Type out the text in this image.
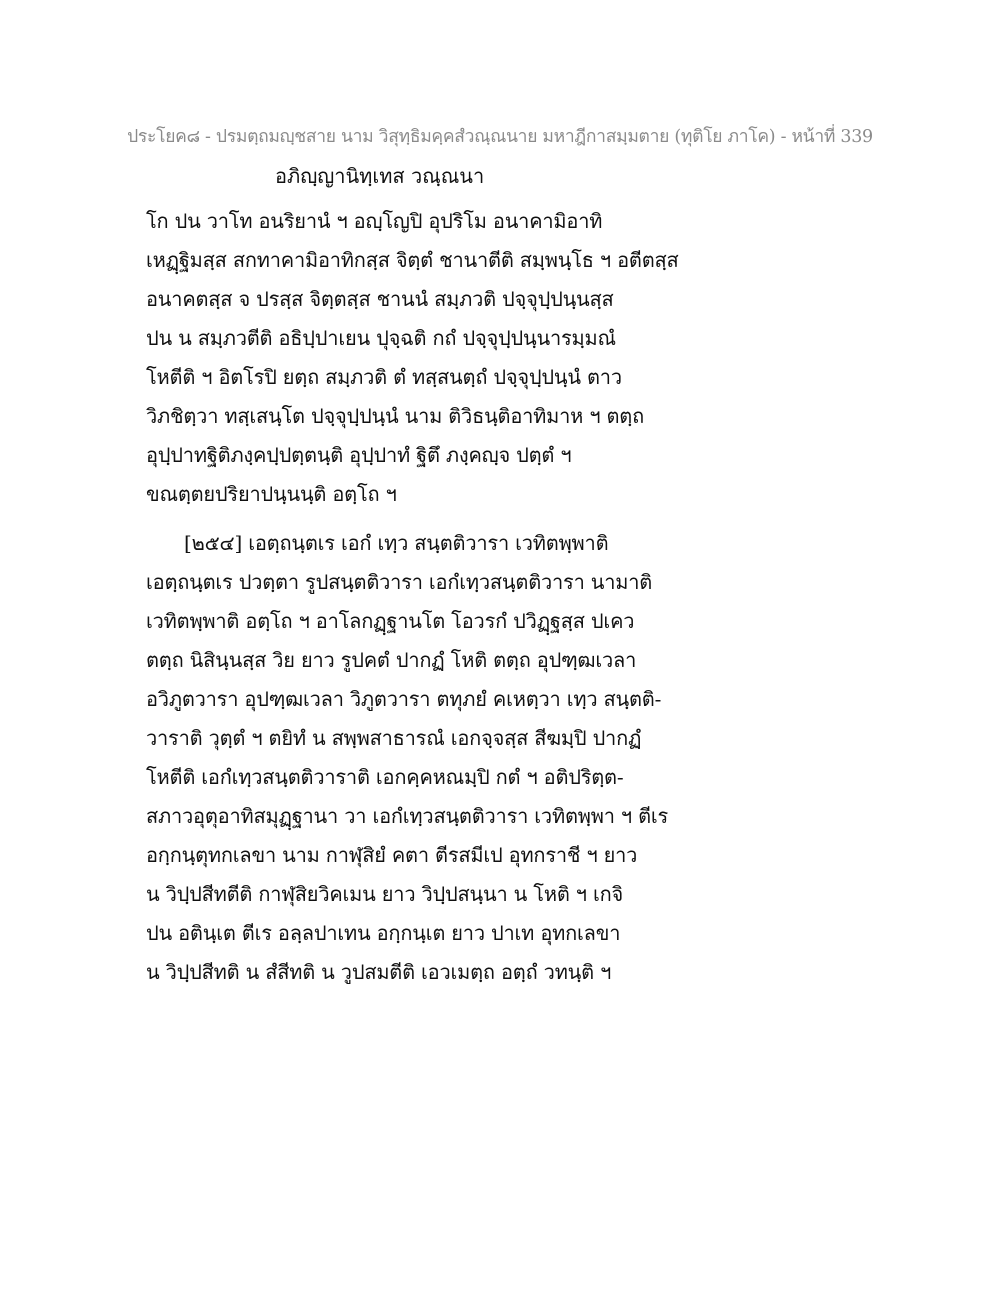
ประโยค๘ - ปรมตฺถมญฺชสาย นาม วิสุทฺธิมคฺคสํวณฺณนาย มหาฎีกาสมฺมตาย (ทุติโย ภาโค) - หน้าที่ 339
อภิญฺญานิทฺเทส วณฺณนา
โก ปน วาโท อนริยานํ ฯ อญฺโญปิ อุปริโม อนาคามิอาทิ
เหฏฺฐิมสฺส สกทาคามิอาทิกสฺส จิตฺตํ ชานาตีติ สมฺพนฺโธ ฯ อตีตสฺส
อนาคตสฺส จ ปรสฺส จิตฺตสฺส ชานนํ สมฺภวติ ปจฺจุปฺปนฺนสฺส
ปน น สมฺภวตีติ อธิปฺปาเยน ปุจฺฉติ กถํ ปจฺจุปฺปนฺนารมฺมณํ
โหตีติ ฯ อิตโรปิ ยตฺถ สมฺภวติ ตํ ทสฺสนตฺถํ ปจฺจุปฺปนฺนํ ตาว
วิภชิตฺวา ทสฺเสนฺโต ปจฺจุปฺปนฺนํ นาม ติวิธนฺติอาทิมาห ฯ ตตฺถ
อุปฺปาทฐิติภงฺคปฺปตฺตนฺติ อุปฺปาทํ ฐิตึ ภงฺคญฺจ ปตฺตํ ฯ
ขณตฺตยปริยาปนฺนนฺติ อตฺโถ ฯ
[๒๕๔] เอตฺถนฺตเร เอกํ เทฺว สนฺตติวารา เวทิตพฺพาติ
เอตฺถนฺตเร ปวตฺตา รูปสนฺตติวารา เอกํเทฺวสนฺตติวารา นามาติ
เวทิตพฺพาติ อตฺโถ ฯ อาโลกฏฺฐานโต โอวรกํ ปวิฏฺฐสฺส ปเคว
ตตฺถ นิสินฺนสฺส วิย ยาว รูปคตํ ปากฏํ โหติ ตตฺถ อุปฑฺฒเวลา
อวิภูตวารา อุปฑฺฒเวลา วิภูตวารา ตทุภยํ คเหตฺวา เทฺว สนฺตติ-
วาราติ วุตฺตํ ฯ ตยิทํ น สพฺพสาธารณํ เอกจฺจสฺส สีฆมฺปิ ปากฏํ
โหตีติ เอกํเทฺวสนฺตติวาราติ เอกคฺคหณมฺปิ กตํ ฯ อติปริตฺต-
สภาวอุตุอาทิสมุฏฺฐานา วา เอกํเทฺวสนฺตติวารา เวทิตพฺพา ฯ ตีเร
อกฺกนฺตุทกเลขา นาม กาฬุสิยํ คตา ตีรสมีเป อุทกราชี ฯ ยาว
น วิปฺปสีทตีติ กาฬุสิยวิคเมน ยาว วิปฺปสนฺนา น โหติ ฯ เกจิ
ปน อตินฺเต ตีเร อลฺลปาเทน อกฺกนฺเต ยาว ปาเท อุทกเลขา
น วิปฺปสีทติ น สํสีทติ น วูปสมตีติ เอวเมตฺถ อตฺถํ วทนฺติ ฯ
